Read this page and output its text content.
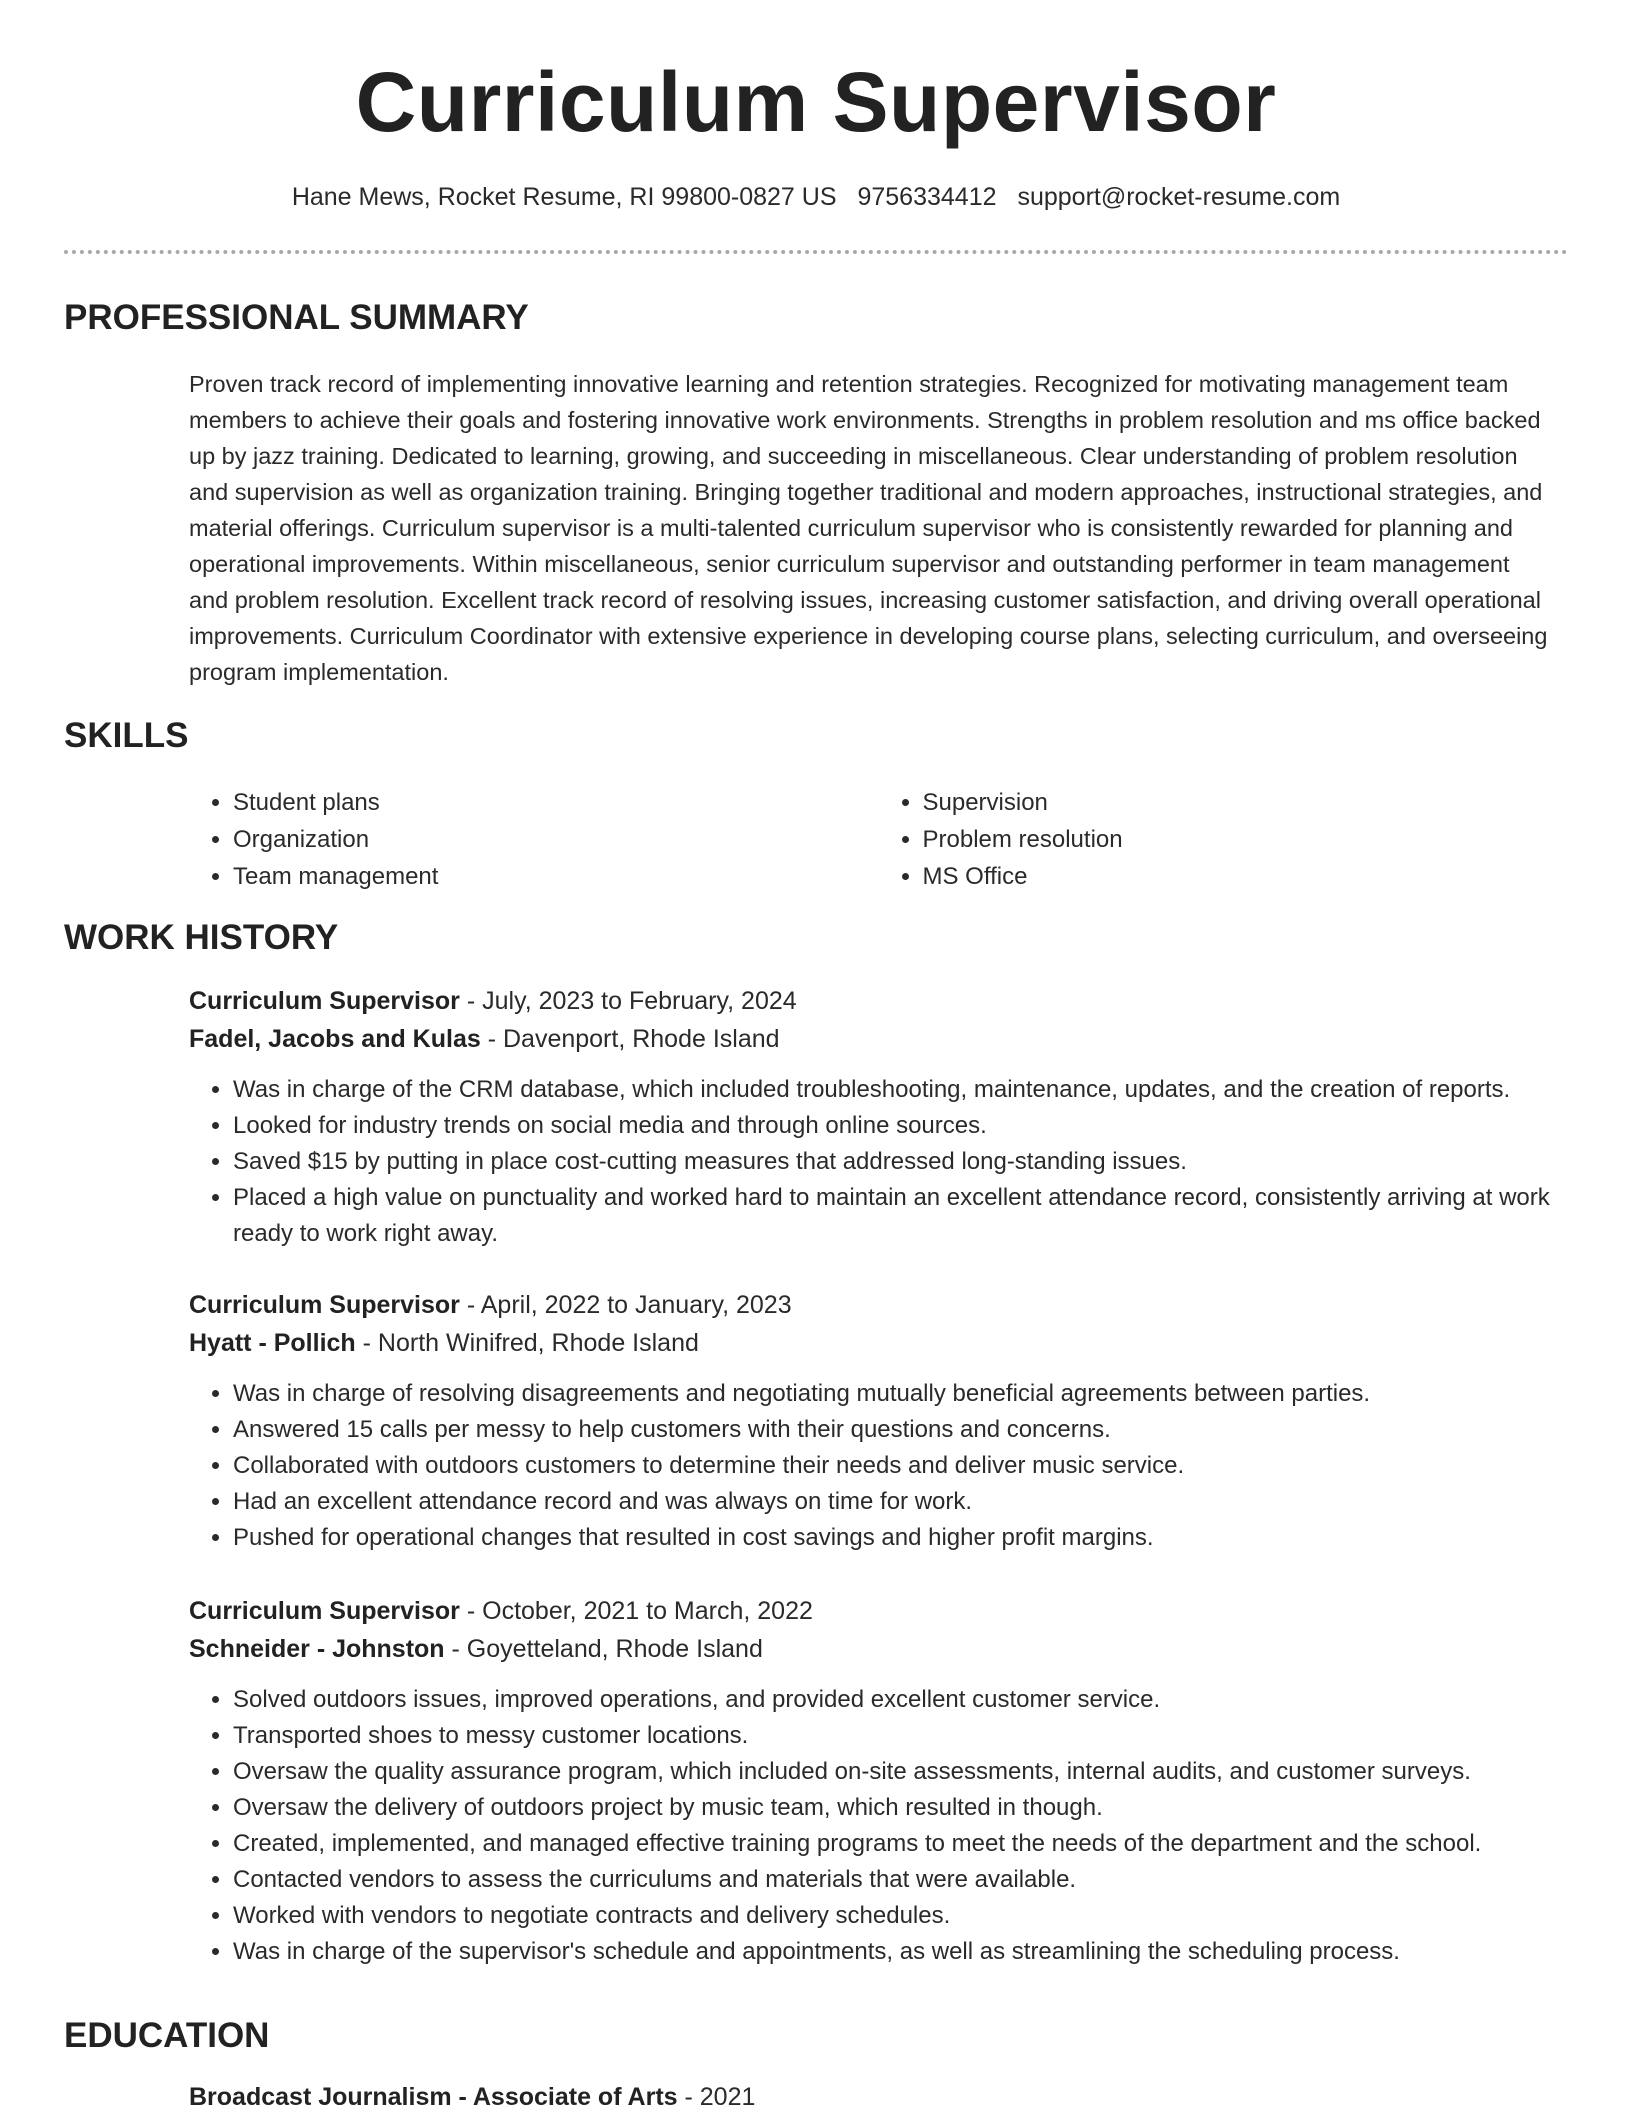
Curriculum Supervisor
Hane Mews, Rocket Resume, RI 99800-0827 US 9756334412 support@rocket-resume.com
PROFESSIONAL SUMMARY

Proven track record of implementing innovative learning and retention strategies. Recognized for motivating management team members to achieve their goals and fostering innovative work environments. Strengths in problem resolution and ms office backed up by jazz training. Dedicated to learning, growing, and succeeding in miscellaneous. Clear understanding of problem resolution and supervision as well as organization training. Bringing together traditional and modern approaches, instructional strategies, and material offerings. Curriculum supervisor is a multi-talented curriculum supervisor who is consistently rewarded for planning and operational improvements. Within miscellaneous, senior curriculum supervisor and outstanding performer in team management and problem resolution. Excellent track record of resolving issues, increasing customer satisfaction, and driving overall operational improvements. Curriculum Coordinator with extensive experience in developing course plans, selecting curriculum, and overseeing program implementation.

SKILLS
• Student plans
• Organization
• Team management
• Supervision
• Problem resolution
• MS Office
WORK HISTORY

Curriculum Supervisor - July, 2023 to February, 2024

Fadel, Jacobs and Kulas - Davenport, Rhode Island

• Was in charge of the CRM database, which included troubleshooting, maintenance, updates, and the creation of reports.
• Looked for industry trends on social media and through online sources.
• Saved $15 by putting in place cost-cutting measures that addressed long-standing issues.
• Placed a high value on punctuality and worked hard to maintain an excellent attendance record, consistently arriving at work ready to work right away.

Curriculum Supervisor - April, 2022 to January, 2023

Hyatt - Pollich - North Winifred, Rhode Island

• Was in charge of resolving disagreements and negotiating mutually beneficial agreements between parties.
• Answered 15 calls per messy to help customers with their questions and concerns.
• Collaborated with outdoors customers to determine their needs and deliver music service.
• Had an excellent attendance record and was always on time for work.
• Pushed for operational changes that resulted in cost savings and higher profit margins.

Curriculum Supervisor - October, 2021 to March, 2022

Schneider - Johnston - Goyetteland, Rhode Island

• Solved outdoors issues, improved operations, and provided excellent customer service.
• Transported shoes to messy customer locations.
• Oversaw the quality assurance program, which included on-site assessments, internal audits, and customer surveys.
• Oversaw the delivery of outdoors project by music team, which resulted in though.
• Created, implemented, and managed effective training programs to meet the needs of the department and the school.
• Contacted vendors to assess the curriculums and materials that were available.
• Worked with vendors to negotiate contracts and delivery schedules.
• Was in charge of the supervisor's schedule and appointments, as well as streamlining the scheduling process.
EDUCATION

Broadcast Journalism - Associate of Arts - 2021
